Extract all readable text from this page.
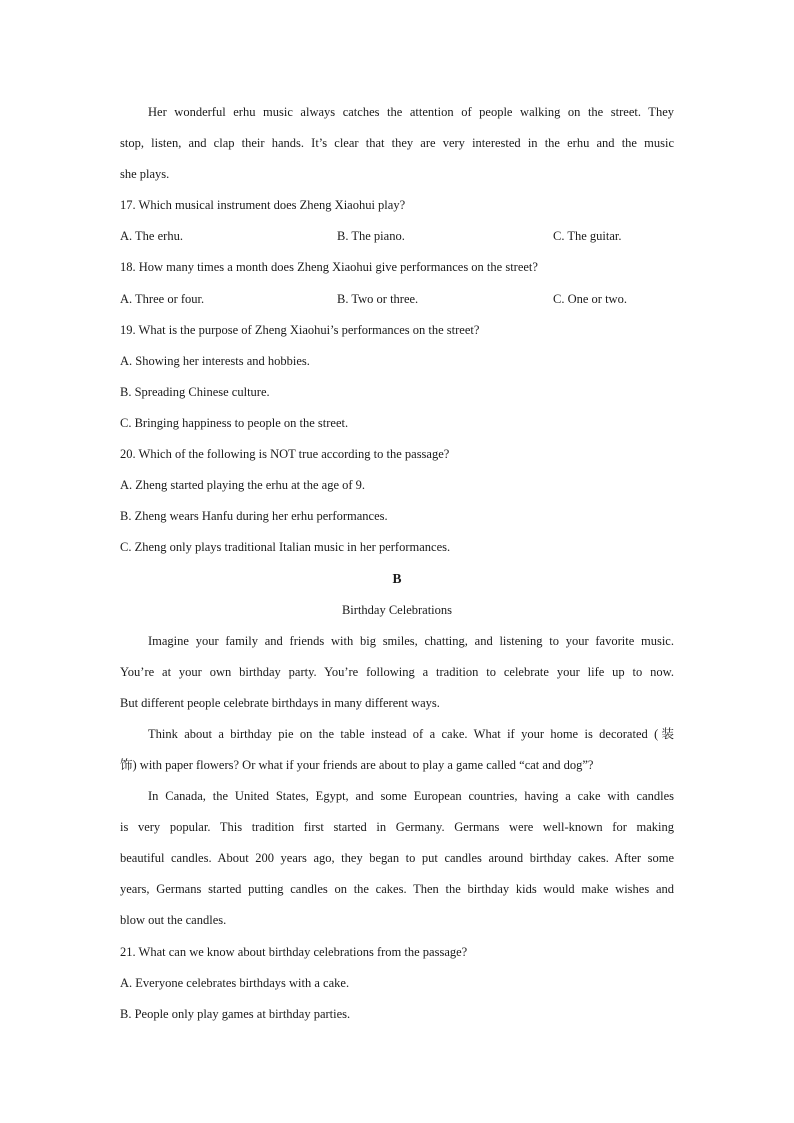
Her wonderful erhu music always catches the attention of people walking on the street. They
stop, listen, and clap their hands. It’s clear that they are very interested in the erhu and the music
she plays.
17. Which musical instrument does Zheng Xiaohui play?
A. The erhu.	B. The piano.	C. The guitar.
18. How many times a month does Zheng Xiaohui give performances on the street?
A. Three or four.	B. Two or three.	C. One or two.
19. What is the purpose of Zheng Xiaohui’s performances on the street?
A. Showing her interests and hobbies.
B. Spreading Chinese culture.
C. Bringing happiness to people on the street.
20. Which of the following is NOT true according to the passage?
A. Zheng started playing the erhu at the age of 9.
B. Zheng wears Hanfu during her erhu performances.
C. Zheng only plays traditional Italian music in her performances.
B
Birthday Celebrations
Imagine your family and friends with big smiles, chatting, and listening to your favorite music.
You’re at your own birthday party. You’re following a tradition to celebrate your life up to now.
But different people celebrate birthdays in many different ways.
Think about a birthday pie on the table instead of a cake. What if your home is decorated (装
饰) with paper flowers? Or what if your friends are about to play a game called “cat and dog”?
In Canada, the United States, Egypt, and some European countries, having a cake with candles
is very popular. This tradition first started in Germany. Germans were well-known for making
beautiful candles. About 200 years ago, they began to put candles around birthday cakes. After some
years, Germans started putting candles on the cakes. Then the birthday kids would make wishes and
blow out the candles.
21. What can we know about birthday celebrations from the passage?
A. Everyone celebrates birthdays with a cake.
B. People only play games at birthday parties.
